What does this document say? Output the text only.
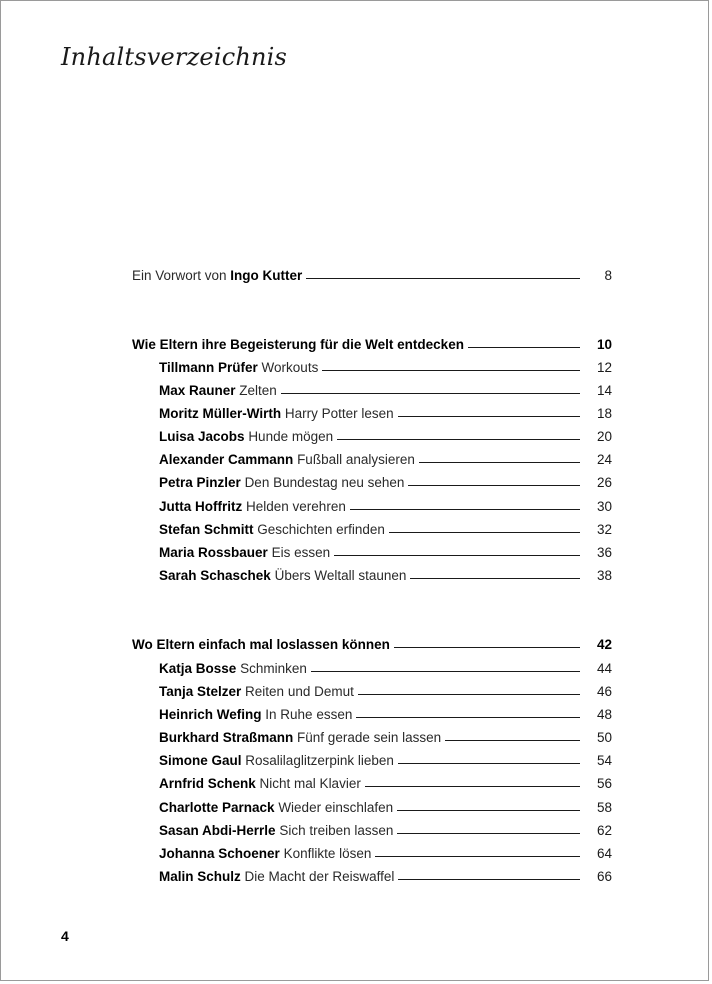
Inhaltsverzeichnis
Ein Vorwort von Ingo Kutter	8
Wie Eltern ihre Begeisterung für die Welt entdecken	10
Tillmann Prüfer Workouts	12
Max Rauner Zelten	14
Moritz Müller-Wirth Harry Potter lesen	18
Luisa Jacobs Hunde mögen	20
Alexander Cammann Fußball analysieren	24
Petra Pinzler Den Bundestag neu sehen	26
Jutta Hoffritz Helden verehren	30
Stefan Schmitt Geschichten erfinden	32
Maria Rossbauer Eis essen	36
Sarah Schaschek Übers Weltall staunen	38
Wo Eltern einfach mal loslassen können	42
Katja Bosse Schminken	44
Tanja Stelzer Reiten und Demut	46
Heinrich Wefing In Ruhe essen	48
Burkhard Straßmann Fünf gerade sein lassen	50
Simone Gaul Rosalilaglitzerpink lieben	54
Arnfrid Schenk Nicht mal Klavier	56
Charlotte Parnack Wieder einschlafen	58
Sasan Abdi-Herrle Sich treiben lassen	62
Johanna Schoener Konflikte lösen	64
Malin Schulz Die Macht der Reiswaffel	66
4
